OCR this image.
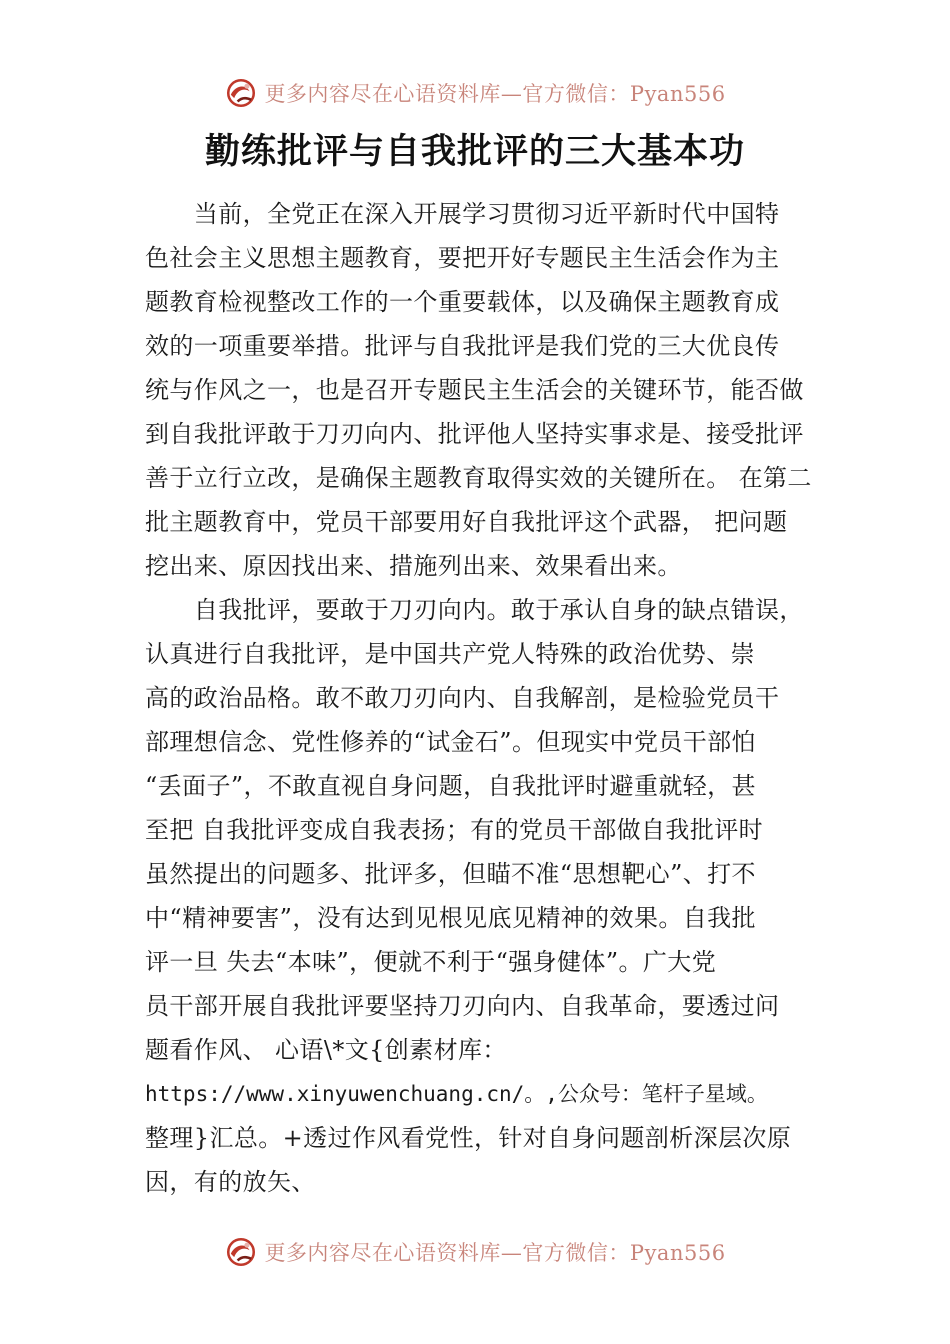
更多内容尽在心语资料库—官方微信：Pyan556
勤练批评与自我批评的三大基本功
　　当前，全党正在深入开展学习贯彻习近平新时代中国特
色社会主义思想主题教育，要把开好专题民主生活会作为主
题教育检视整改工作的一个重要载体，以及确保主题教育成
效的一项重要举措。批评与自我批评是我们党的三大优良传
统与作风之一，也是召开专题民主生活会的关键环节，能否做
到自我批评敢于刀刃向内、批评他人坚持实事求是、接受批评
善于立行立改，是确保主题教育取得实效的关键所在。 在第二
批主题教育中，党员干部要用好自我批评这个武器， 把问题
挖出来、原因找出来、措施列出来、效果看出来。
　　自我批评，要敢于刀刃向内。敢于承认自身的缺点错误，
认真进行自我批评，是中国共产党人特殊的政治优势、崇
高的政治品格。敢不敢刀刃向内、自我解剖，是检验党员干
部理想信念、党性修养的“试金石”。但现实中党员干部怕
“丢面子”，不敢直视自身问题，自我批评时避重就轻，甚
至把 自我批评变成自我表扬；有的党员干部做自我批评时
虽然提出的问题多、批评多，但瞄不准“思想靶心”、打不
中“精神要害”，没有达到见根见底见精神的效果。自我批
评一旦 失去“本味”，便就不利于“强身健体”。广大党
员干部开展自我批评要坚持刀刃向内、自我革命，要透过问
题看作风、 心语\*文{创素材库：
https://www.xinyuwenchuang.cn/。,公众号：笔杆子星域。
整理}汇总。+透过作风看党性，针对自身问题剖析深层次原
因，有的放矢、
更多内容尽在心语资料库—官方微信：Pyan556
